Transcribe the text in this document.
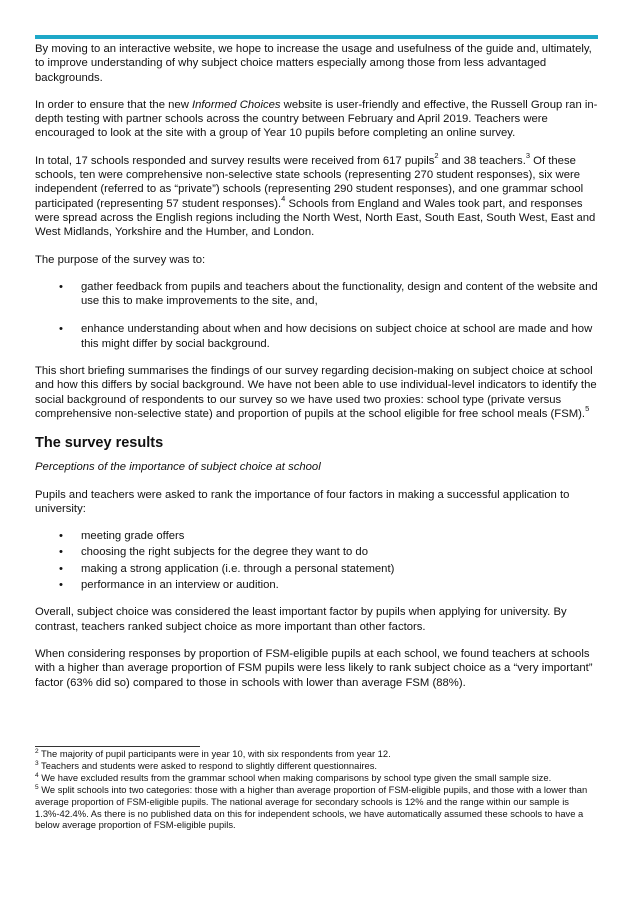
By moving to an interactive website, we hope to increase the usage and usefulness of the guide and, ultimately, to improve understanding of why subject choice matters especially among those from less advantaged backgrounds.

In order to ensure that the new Informed Choices website is user-friendly and effective, the Russell Group ran in-depth testing with partner schools across the country between February and April 2019. Teachers were encouraged to look at the site with a group of Year 10 pupils before completing an online survey.

In total, 17 schools responded and survey results were received from 617 pupils$^2$ and 38 teachers.$^3$ Of these schools, ten were comprehensive non-selective state schools (representing 270 student responses), six were independent (referred to as “private”) schools (representing 290 student responses), and one grammar school participated (representing 57 student responses).$^4$ Schools from England and Wales took part, and responses were spread across the English regions including the North West, North East, South East, South West, East and West Midlands, Yorkshire and the Humber, and London.

The purpose of the survey was to:

• gather feedback from pupils and teachers about the functionality, design and content of the website and use this to make improvements to the site, and,
• enhance understanding about when and how decisions on subject choice at school are made and how this might differ by social background.

This short briefing summarises the findings of our survey regarding decision-making on subject choice at school and how this differs by social background. We have not been able to use individual-level indicators to identify the social background of respondents to our survey so we have used two proxies: school type (private versus comprehensive non-selective state) and proportion of pupils at the school eligible for free school meals (FSM).$^5$

The survey results

Perceptions of the importance of subject choice at school

Pupils and teachers were asked to rank the importance of four factors in making a successful application to university:

• meeting grade offers
• choosing the right subjects for the degree they want to do
• making a strong application (i.e. through a personal statement)
• performance in an interview or audition.

Overall, subject choice was considered the least important factor by pupils when applying for university. By contrast, teachers ranked subject choice as more important than other factors.

When considering responses by proportion of FSM-eligible pupils at each school, we found teachers at schools with a higher than average proportion of FSM pupils were less likely to rank subject choice as a “very important” factor (63% did so) compared to those in schools with lower than average FSM (88%).

$^2$ The majority of pupil participants were in year 10, with six respondents from year 12.

$^3$ Teachers and students were asked to respond to slightly different questionnaires.

$^4$ We have excluded results from the grammar school when making comparisons by school type given the small sample size.

$^5$ We split schools into two categories: those with a higher than average proportion of FSM-eligible pupils, and those with a lower than average proportion of FSM-eligible pupils. The national average for secondary schools is 12% and the range within our sample is 1.3%-42.4%. As there is no published data on this for independent schools, we have automatically assumed these schools to have a below average proportion of FSM-eligible pupils.
